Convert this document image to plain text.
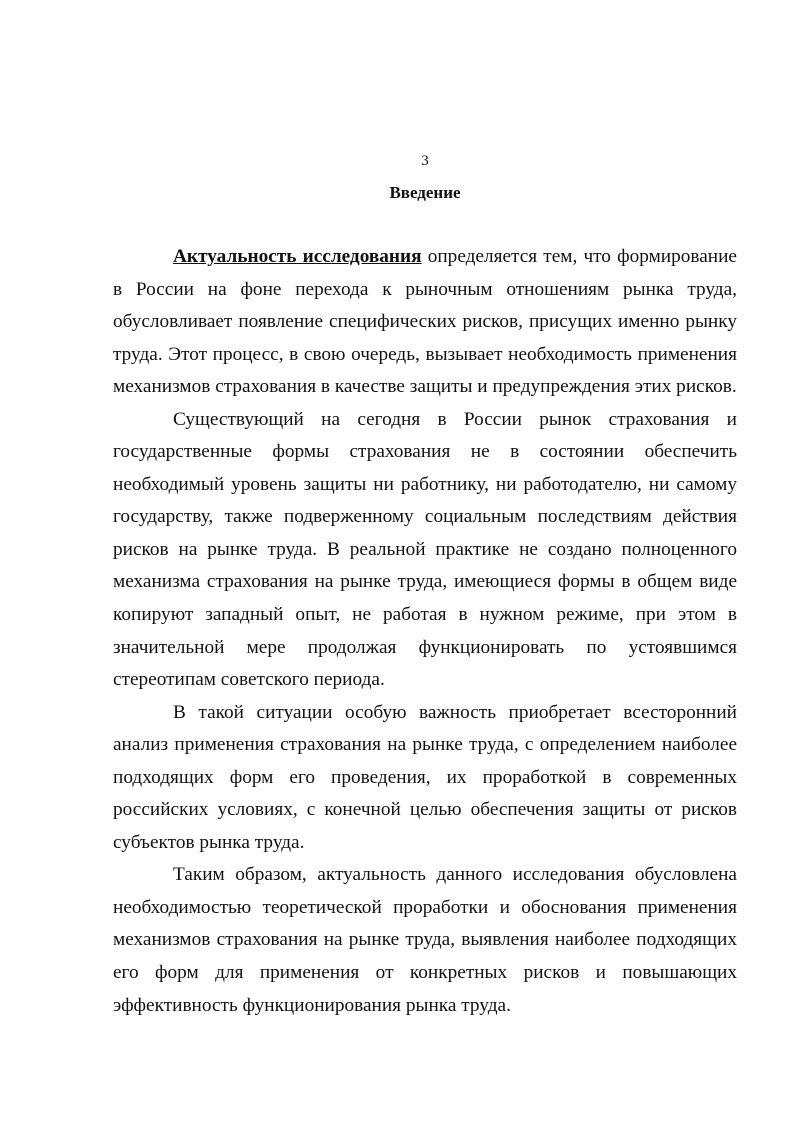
3
Введение

Актуальность исследования определяется тем, что формирование в России на фоне перехода к рыночным отношениям рынка труда, обусловливает появление специфических рисков, присущих именно рынку труда. Этот процесс, в свою очередь, вызывает необходимость применения механизмов страхования в качестве защиты и предупреждения этих рисков.

Существующий на сегодня в России рынок страхования и государственные формы страхования не в состоянии обеспечить необходимый уровень защиты ни работнику, ни работодателю, ни самому государству, также подверженному социальным последствиям действия рисков на рынке труда. В реальной практике не создано полноценного механизма страхования на рынке труда, имеющиеся формы в общем виде копируют западный опыт, не работая в нужном режиме, при этом в значительной мере продолжая функционировать по устоявшимся стереотипам советского периода.

В такой ситуации особую важность приобретает всесторонний анализ применения страхования на рынке труда, с определением наиболее подходящих форм его проведения, их проработкой в современных российских условиях, с конечной целью обеспечения защиты от рисков субъектов рынка труда.

Таким образом, актуальность данного исследования обусловлена необходимостью теоретической проработки и обоснования применения механизмов страхования на рынке труда, выявления наиболее подходящих его форм для применения от конкретных рисков и повышающих эффективность функционирования рынка труда.
